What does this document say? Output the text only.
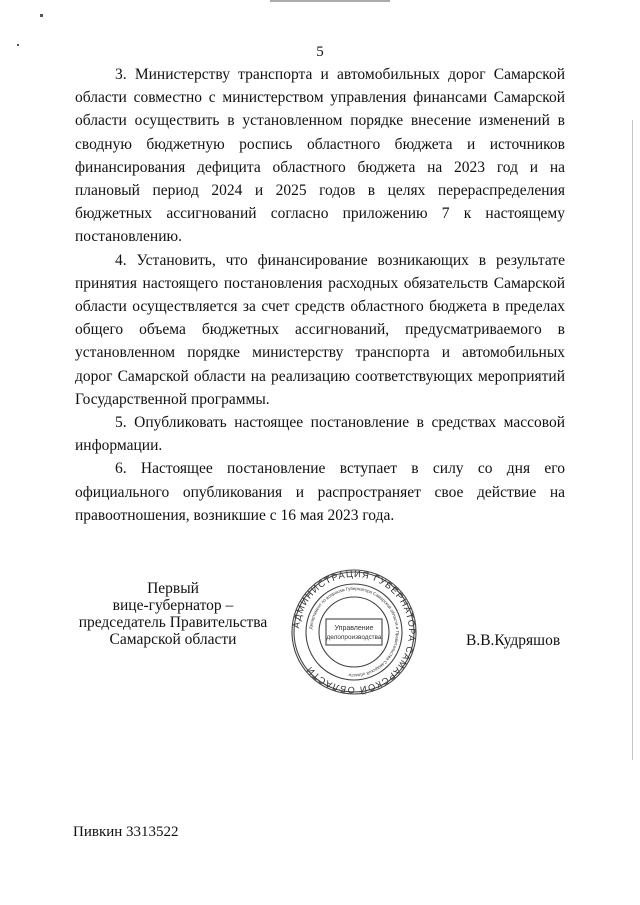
5

3. Министерству транспорта и автомобильных дорог Самарской области совместно с министерством управления финансами Самарской области осуществить в установленном порядке внесение изменений в сводную бюджетную роспись областного бюджета и источников финансирования дефицита областного бюджета на 2023 год и на плановый период 2024 и 2025 годов в целях перераспределения бюджетных ассигнований согласно приложению 7 к настоящему постановлению.

4. Установить, что финансирование возникающих в результате принятия настоящего постановления расходных обязательств Самарской области осуществляется за счет средств областного бюджета в пределах общего объема бюджетных ассигнований, предусматриваемого в установленном порядке министерству транспорта и автомобильных дорог Самарской области на реализацию соответствующих мероприятий Государственной программы.

5. Опубликовать настоящее постановление в средствах массовой информации.

6. Настоящее постановление вступает в силу со дня его официального опубликования и распространяет свое действие на правоотношения, возникшие с 16 мая 2023 года.

Первый
вице-губернатор –
председатель Правительства
Самарской области	В.В.Кудряшов
АДМИНИСТРАЦИЯ ГУБЕРНАТОРА САМАРСКОЙ ОБЛАСТИ
Департамент по вопросам Губернатора Самарской области и Правительства Самарской области
Управление
делопроизводства
Пивкин 3313522
